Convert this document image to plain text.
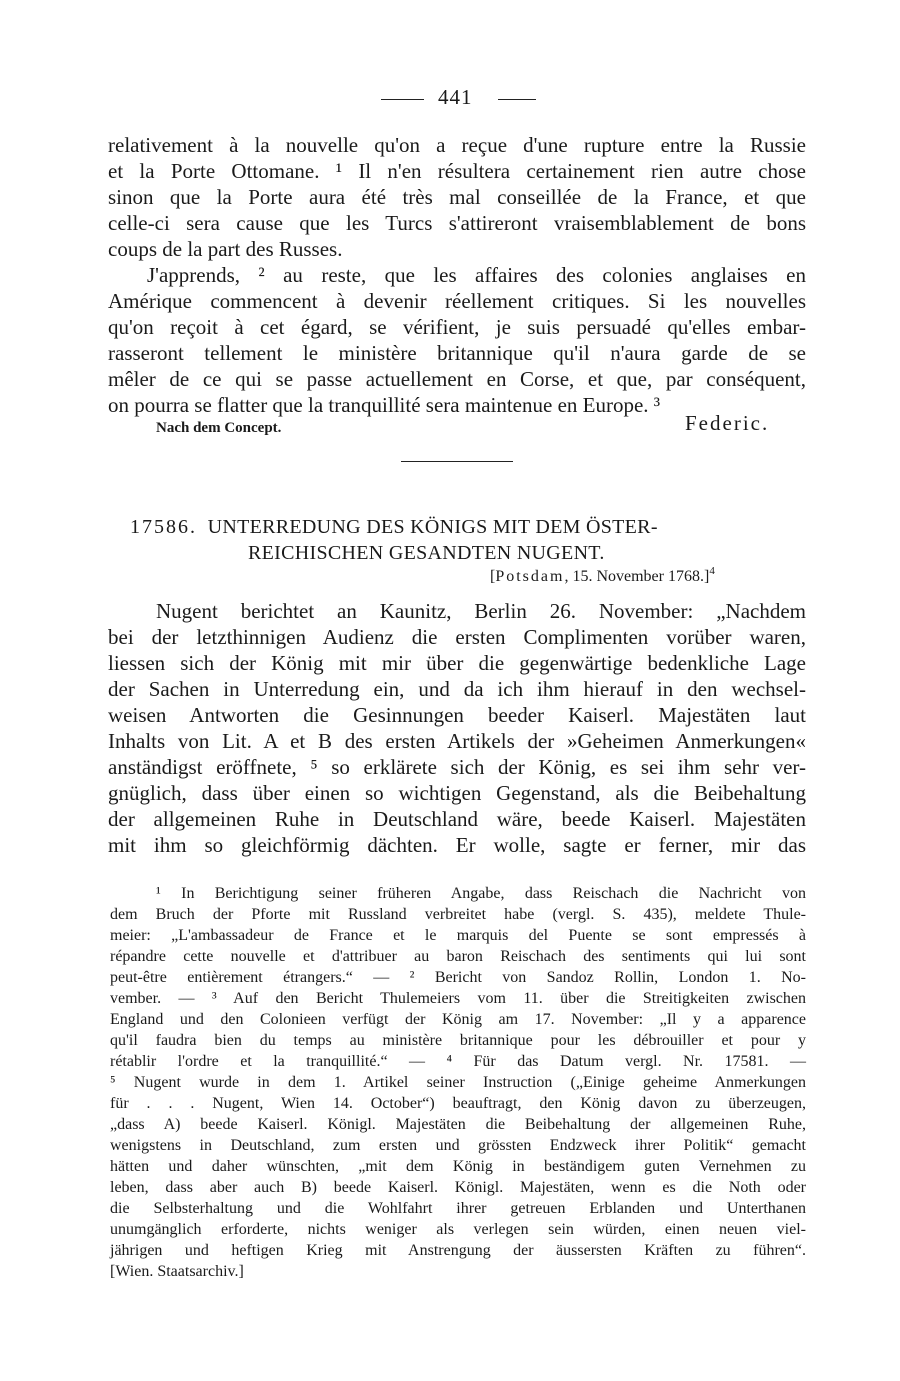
441
relativement à la nouvelle qu'on a reçue d'une rupture entre la Russie
et la Porte Ottomane. ¹ Il n'en résultera certainement rien autre chose
sinon que la Porte aura été très mal conseillée de la France, et que
celle-ci sera cause que les Turcs s'attireront vraisemblablement de bons
coups de la part des Russes.
J'apprends, ² au reste, que les affaires des colonies anglaises en
Amérique commencent à devenir réellement critiques. Si les nouvelles
qu'on reçoit à cet égard, se vérifient, je suis persuadé qu'elles embar-
rasseront tellement le ministère britannique qu'il n'aura garde de se
mêler de ce qui se passe actuellement en Corse, et que, par conséquent,
on pourra se flatter que la tranquillité sera maintenue en Europe. ³
Nach dem Concept.	Federic.
17586. UNTERREDUNG DES KÖNIGS MIT DEM ÖSTER-
REICHISCHEN GESANDTEN NUGENT.
[Potsdam, 15. November 1768.]$^4$
Nugent berichtet an Kaunitz, Berlin 26. November: „Nachdem
bei der letzthinnigen Audienz die ersten Complimenten vorüber waren,
liessen sich der König mit mir über die gegenwärtige bedenkliche Lage
der Sachen in Unterredung ein, und da ich ihm hierauf in den wechsel-
weisen Antworten die Gesinnungen beeder Kaiserl. Majestäten laut
Inhalts von Lit. A et B des ersten Artikels der »Geheimen Anmerkungen«
anständigst eröffnete, ⁵ so erklärete sich der König, es sei ihm sehr ver-
gnüglich, dass über einen so wichtigen Gegenstand, als die Beibehaltung
der allgemeinen Ruhe in Deutschland wäre, beede Kaiserl. Majestäten
mit ihm so gleichförmig dächten. Er wolle, sagte er ferner, mir das
¹ In Berichtigung seiner früheren Angabe, dass Reischach die Nachricht von
dem Bruch der Pforte mit Russland verbreitet habe (vergl. S. 435), meldete Thule-
meier: „L'ambassadeur de France et le marquis del Puente se sont empressés à
répandre cette nouvelle et d'attribuer au baron Reischach des sentiments qui lui sont
peut-être entièrement étrangers.“ — ² Bericht von Sandoz Rollin, London 1. No-
vember. — ³ Auf den Bericht Thulemeiers vom 11. über die Streitigkeiten zwischen
England und den Colonieen verfügt der König am 17. November: „Il y a apparence
qu'il faudra bien du temps au ministère britannique pour les débrouiller et pour y
rétablir l'ordre et la tranquillité.“ — ⁴ Für das Datum vergl. Nr. 17581. —
⁵ Nugent wurde in dem 1. Artikel seiner Instruction („Einige geheime Anmerkungen
für . . . Nugent, Wien 14. October“) beauftragt, den König davon zu überzeugen,
„dass A) beede Kaiserl. Königl. Majestäten die Beibehaltung der allgemeinen Ruhe,
wenigstens in Deutschland, zum ersten und grössten Endzweck ihrer Politik“ gemacht
hätten und daher wünschten, „mit dem König in beständigem guten Vernehmen zu
leben, dass aber auch B) beede Kaiserl. Königl. Majestäten, wenn es die Noth oder
die Selbsterhaltung und die Wohlfahrt ihrer getreuen Erblanden und Unterthanen
unumgänglich erforderte, nichts weniger als verlegen sein würden, einen neuen viel-
jährigen und heftigen Krieg mit Anstrengung der äussersten Kräften zu führen“.
[Wien. Staatsarchiv.]
